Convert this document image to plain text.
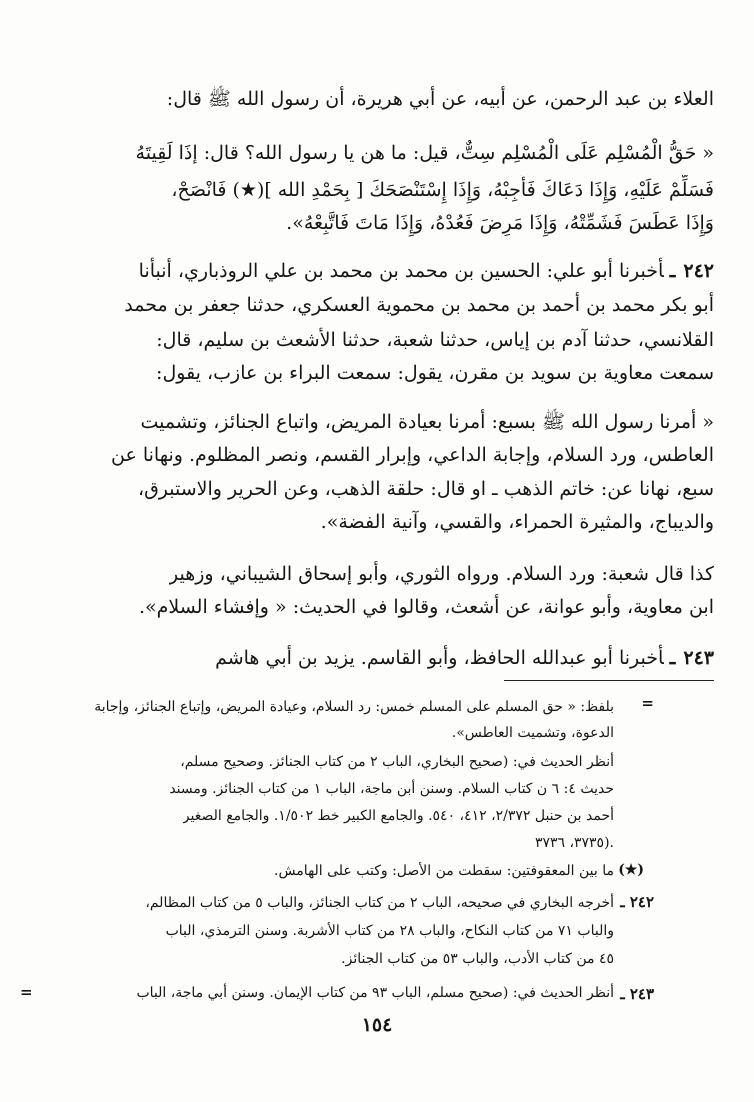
العلاء بن عبد الرحمن، عن أبيه، عن أبي هريرة، أن رسول الله ﷺ قال:
« حَقُّ الْمُسْلِم عَلَى الْمُسْلِم سِتٌّ، قيل: ما هن يا رسول الله؟ قال: إذَا لَقِيتَهُ
فَسَلِّمْ عَلَيْهِ، وَإِذَا دَعَاكَ فَأَجِبْهُ، وَإِذَا إِسْتَنْصَحَكَ [ بِحَمْدِ الله ](★) فَانْصَحْ،
وَإِذَا عَطَسَ فَشَمِّتْهُ، وَإِذَا مَرِضَ فَعُدْهُ، وَإِذَا مَاتَ فَاتَّبِعْهُ».
٢٤٢ـأخبرنا أبو علي: الحسين بن محمد بن محمد بن علي الروذباري، أنبأنا
أبو بكر محمد بن أحمد بن محمد بن محموية العسكري، حدثنا جعفر بن محمد
القلانسي، حدثنا آدم بن إياس، حدثنا شعبة، حدثنا الأشعث بن سليم، قال:
سمعت معاوية بن سويد بن مقرن، يقول: سمعت البراء بن عازب، يقول:
« أمرنا رسول الله ﷺ بسبع: أمرنا بعيادة المريض، واتباع الجنائز، وتشميت
العاطس، ورد السلام، وإجابة الداعي، وإبرار القسم، ونصر المظلوم. ونهانا عن
سبع، نهانا عن: خاتم الذهب ـ او قال: حلقة الذهب، وعن الحرير والاستبرق،
والديباج، والمثيرة الحمراء، والقسي، وآنية الفضة».
كذا قال شعبة: ورد السلام. ورواه الثوري، وأبو إسحاق الشيباني، وزهير
ابن معاوية، وأبو عوانة، عن أشعث، وقالوا في الحديث: « وإفشاء السلام».
٢٤٣ـأخبرنا أبو عبدالله الحافظ، وأبو القاسم. يزيد بن أبي هاشم
=
بلفظ: « حق المسلم على المسلم خمس: رد السلام، وعيادة المريض، وإتباع الجنائز، وإجابة
الدعوة، وتشميت العاطس».
أنظر الحديث في: (صحيح البخاري، الباب ٢ من كتاب الجنائز. وصحيح مسلم،
حديث ٤: ٦ ن كتاب السلام. وسنن أبن ماجة، الباب ١ من كتاب الجنائز. ومسند
أحمد بن حنبل ٢/٣٧٢، ٤١٢، ٥٤٠. والجامع الكبير خط ١/٥٠٢. والجامع الصغير
٣٧٣٥، ٣٧٣٦).
(★)
ما بين المعقوفتين: سقطت من الأصل: وكتب على الهامش.
٢٤٢ ـ
أخرجه البخاري في صحيحه، الباب ٢ من كتاب الجنائز، والباب ٥ من كتاب المظالم،
والباب ٧١ من كتاب النكاح، والباب ٢٨ من كتاب الأشربة. وسنن الترمذي، الباب
٤٥ من كتاب الأدب، والباب ٥٣ من كتاب الجنائز.
٢٤٣ ـ
أنظر الحديث في: (صحيح مسلم، الباب ٩٣ من كتاب الإيمان. وسنن أبي ماجة، الباب
=
١٥٤
